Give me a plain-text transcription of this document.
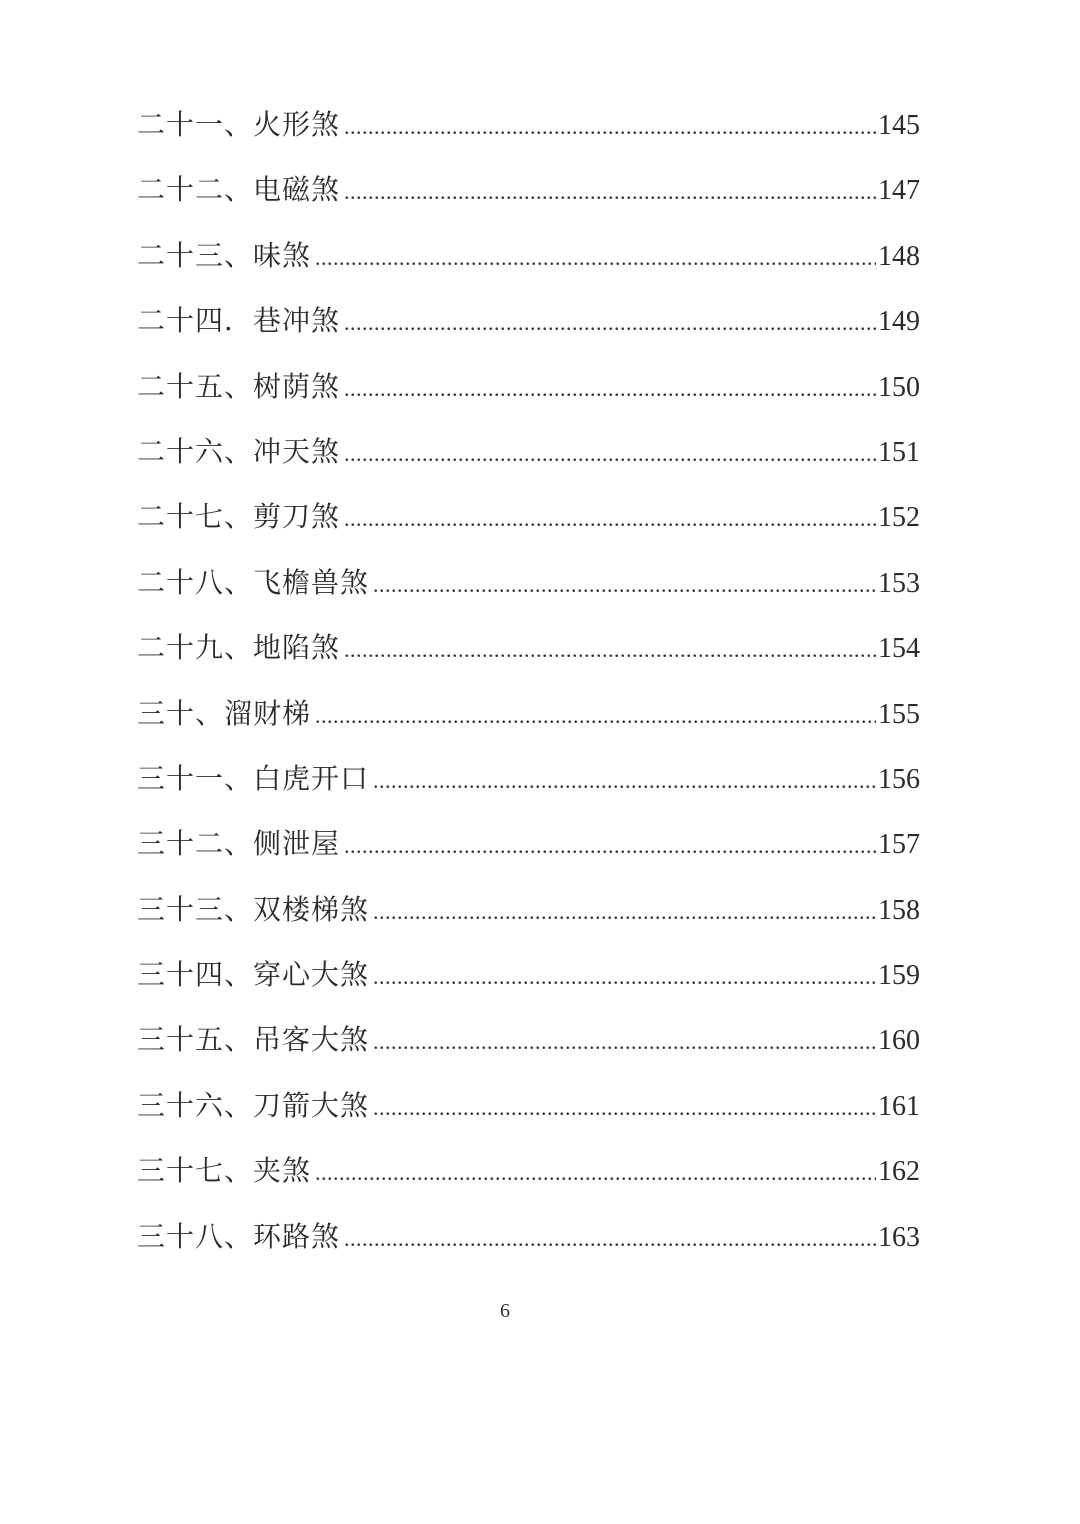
二十一、火形煞 .....	145
二十二、电磁煞 .....	147
二十三、味煞 .....	148
二十四．巷冲煞 .....	149
二十五、树荫煞 .....	150
二十六、冲天煞 .....	151
二十七、剪刀煞 .....	152
二十八、飞檐兽煞 .....	153
二十九、地陷煞 .....	154
三十、溜财梯 .....	155
三十一、白虎开口 .....	156
三十二、侧泄屋 .....	157
三十三、双楼梯煞 .....	158
三十四、穿心大煞 .....	159
三十五、吊客大煞 .....	160
三十六、刀箭大煞 .....	161
三十七、夹煞 .....	162
三十八、环路煞 .....	163
6
